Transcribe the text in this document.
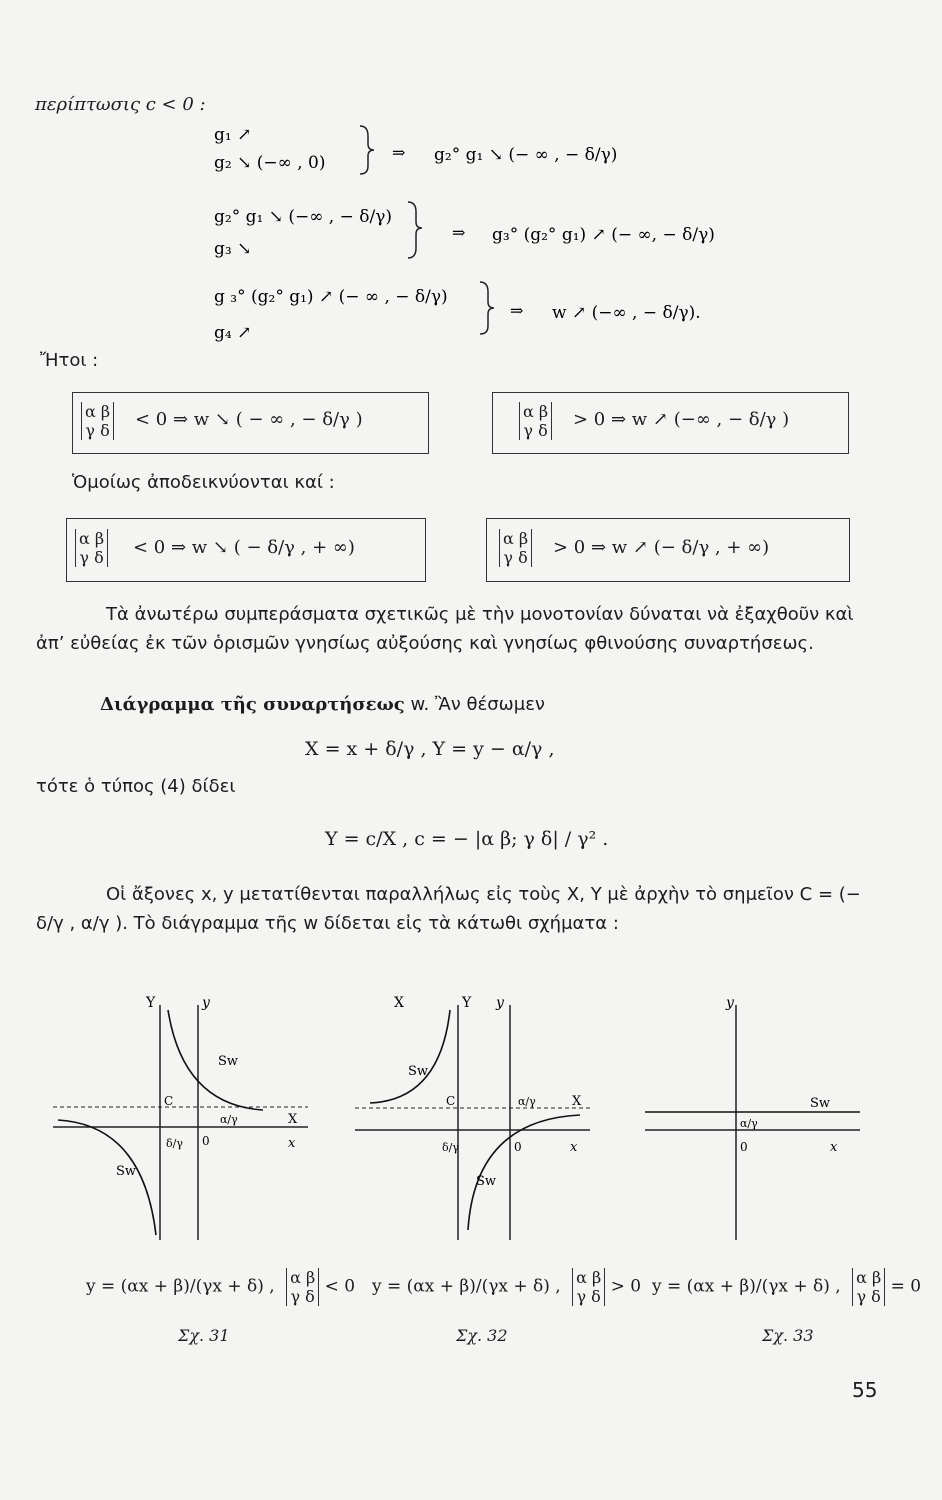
περίπτωσις c < 0 :
g₁ ↗
g₂ ↘ (−∞ , 0)
⇒ g₂° g₁ ↘ (− ∞ , − δ/γ)
g₂° g₁ ↘ (−∞ , − δ/γ)
g₃ ↘
⇒ g₃° (g₂° g₁) ↗ (− ∞, − δ/γ)
g ₃° (g₂° g₁) ↗ (− ∞ , − δ/γ)
g₄ ↗
⇒ w ↗ (−∞ , − δ/γ).
Ἤτοι :
α β
γ δ
< 0 ⇒ w ↘ ( − ∞ , − δ/γ )	α β
γ δ
> 0 ⇒ w ↗ (−∞ , − δ/γ )
Ὁμοίως ἀποδεικνύονται καί :
α β
γ δ < 0 ⇒ w ↘ ( − δ/γ , + ∞)	α β
γ δ > 0 ⇒ w ↗ (− δ/γ , + ∞)
Τὰ ἀνωτέρω συμπεράσματα σχετικῶς μὲ τὴν μονοτονίαν δύναται νὰ ἐξαχθοῦν καὶ ἀπ’ εὐθείας ἐκ τῶν ὁρισμῶν γνησίως αὐξούσης καὶ γνησίως φθινούσης συναρτήσεως.
Διάγραμμα τῆς συναρτήσεως w. Ἂν θέσωμεν
X = x + δ/γ , Y = y − α/γ ,
τότε ὁ τύπος (4) δίδει
Y = c/X , c = − |α β; γ δ| / γ² .
Οἱ ἄξονες x, y μετατίθενται παραλλήλως εἰς τοὺς X, Y μὲ ἀρχὴν τὸ σημεῖον C = (− δ/γ , α/γ ). Τὸ διάγραμμα τῆς w δίδεται εἰς τὰ κάτωθι σχήματα :
Y	y
Sw
C
α/γ	X
x
0
Sw
δ/γ
X	Y y
Sw
C	α/γ	X
0	x
δ/γ
Sw
y
Sw
α/γ
0	x
y = (αx + β)/(γx + δ) , α β
γ δ < 0 y = (αx + β)/(γx + δ) , α β
γ δ > 0 y = (αx + β)/(γx + δ) , α β
γ δ = 0
Σχ. 31	Σχ. 32	Σχ. 33
55
